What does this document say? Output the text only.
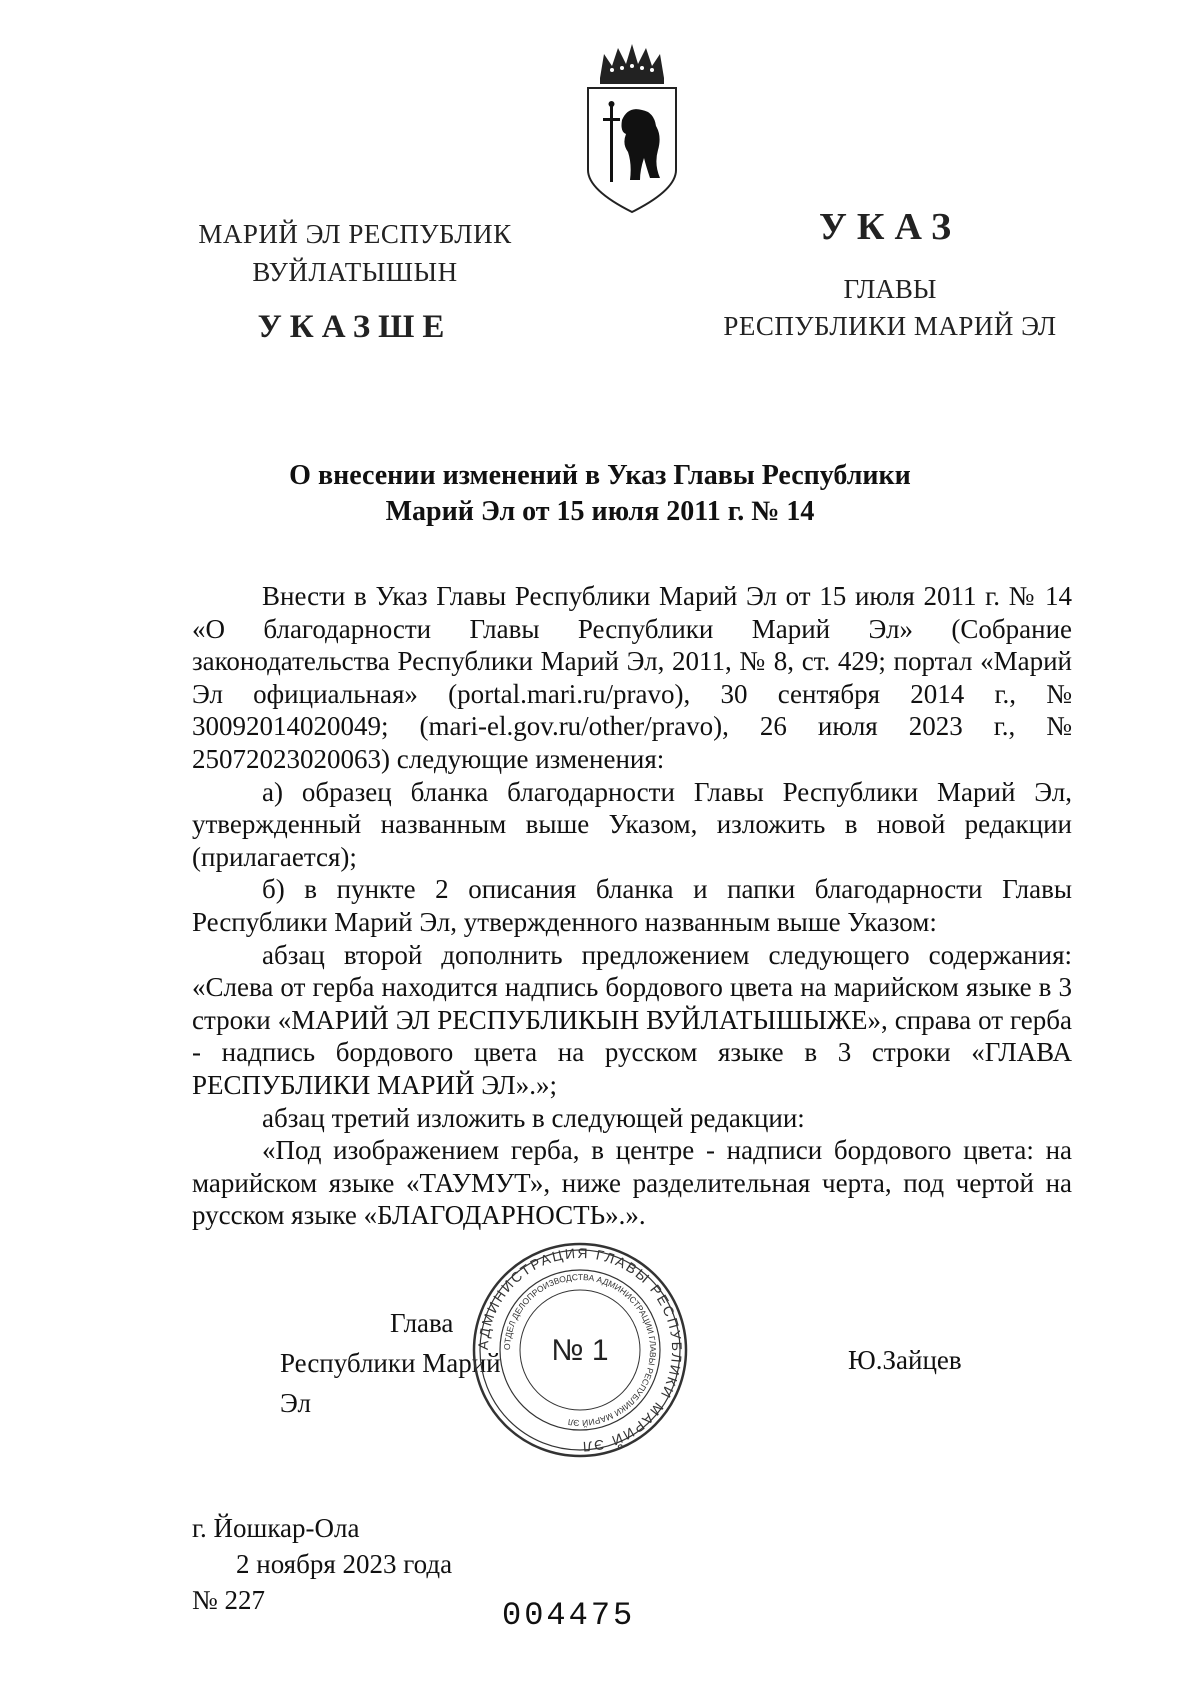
МАРИЙ ЭЛ РЕСПУБЛИК
ВУЙЛАТЫШЫН
УКАЗШЕ
УКАЗ
ГЛАВЫ
РЕСПУБЛИКИ МАРИЙ ЭЛ
О внесении изменений в Указ Главы Республики
Марий Эл от 15 июля 2011 г. № 14

Внести в Указ Главы Республики Марий Эл от 15 июля 2011 г. № 14 «О благодарности Главы Республики Марий Эл» (Собрание законодательства Республики Марий Эл, 2011, № 8, ст. 429; портал «Марий Эл официальная» (portal.mari.ru/pravo), 30 сентября 2014 г., № 30092014020049; (mari-el.gov.ru/other/pravo), 26 июля 2023 г., № 25072023020063) следующие изменения:

а) образец бланка благодарности Главы Республики Марий Эл, утвержденный названным выше Указом, изложить в новой редакции (прилагается);

б) в пункте 2 описания бланка и папки благодарности Главы Республики Марий Эл, утвержденного названным выше Указом:

абзац второй дополнить предложением следующего содержания: «Слева от герба находится надпись бордового цвета на марийском языке в 3 строки «МАРИЙ ЭЛ РЕСПУБЛИКЫН ВУЙЛАТЫШЫЖЕ», справа от герба - надпись бордового цвета на русском языке в 3 строки «ГЛАВА РЕСПУБЛИКИ МАРИЙ ЭЛ».»;

абзац третий изложить в следующей редакции:

«Под изображением герба, в центре - надписи бордового цвета: на марийском языке «ТАУМУТ», ниже разделительная черта, под чертой на русском языке «БЛАГОДАРНОСТЬ».».

Глава
Республики Марий Эл
Ю.Зайцев
АДМИНИСТРАЦИЯ ГЛАВЫ РЕСПУБЛИКИ МАРИЙ ЭЛ
ОТДЕЛ ДЕЛОПРОИЗВОДСТВА АДМИНИСТРАЦИИ ГЛАВЫ РЕСПУБЛИКИ МАРИЙ ЭЛ
№ 1
г. Йошкар-Ола
2 ноября 2023 года
№ 227	004475
